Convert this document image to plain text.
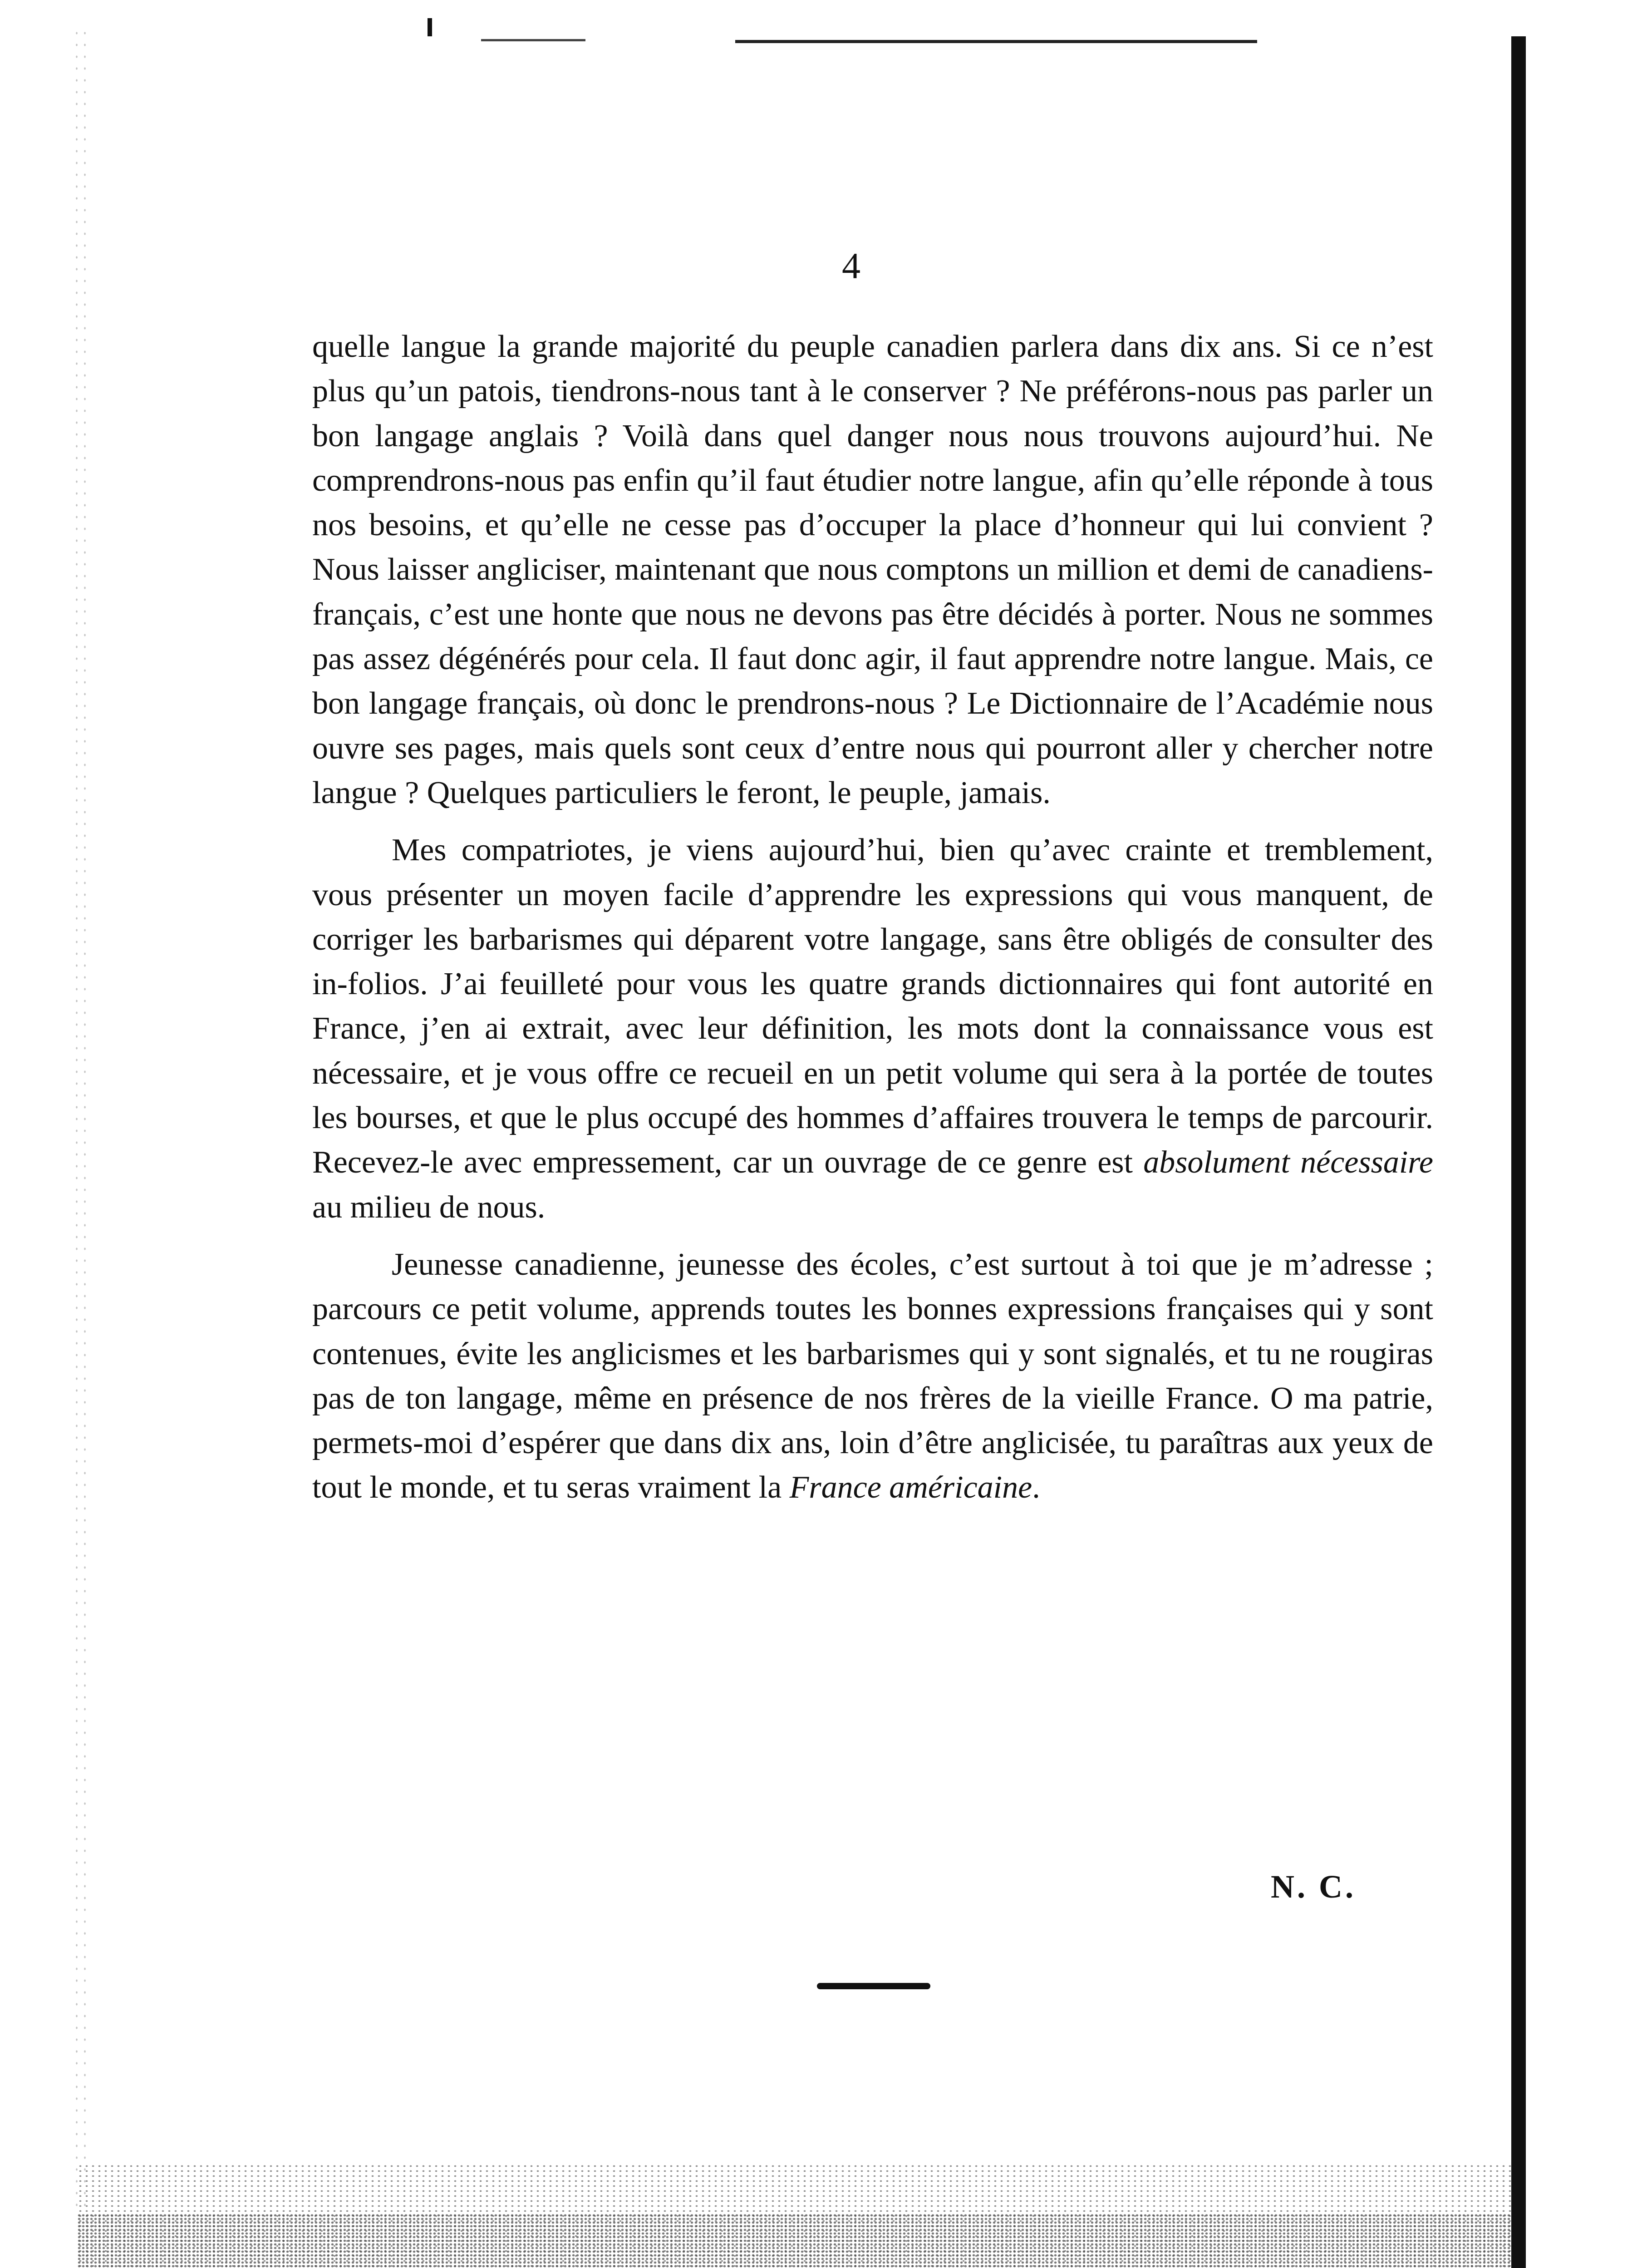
4

quelle langue la grande majorité du peuple canadien parlera dans dix ans. Si ce n’est plus qu’un patois, tiendrons-nous tant à le conserver ? Ne préférons-nous pas parler un bon langage anglais ? Voilà dans quel danger nous nous trouvons aujourd’hui. Ne comprendrons-nous pas enfin qu’il faut étudier notre langue, afin qu’elle réponde à tous nos besoins, et qu’elle ne cesse pas d’occuper la place d’honneur qui lui convient ? Nous laisser angliciser, maintenant que nous comptons un million et demi de canadiens-français, c’est une honte que nous ne devons pas être décidés à porter. Nous ne sommes pas assez dégénérés pour cela. Il faut donc agir, il faut apprendre notre langue. Mais, ce bon langage français, où donc le prendrons-nous ? Le Dictionnaire de l’Académie nous ouvre ses pages, mais quels sont ceux d’entre nous qui pourront aller y chercher notre langue ? Quelques particuliers le feront, le peuple, jamais.

Mes compatriotes, je viens aujourd’hui, bien qu’avec crainte et tremblement, vous présenter un moyen facile d’apprendre les expressions qui vous manquent, de corriger les barbarismes qui déparent votre langage, sans être obligés de consulter des in-folios. J’ai feuilleté pour vous les quatre grands dictionnaires qui font autorité en France, j’en ai extrait, avec leur définition, les mots dont la connaissance vous est nécessaire, et je vous offre ce recueil en un petit volume qui sera à la portée de toutes les bourses, et que le plus occupé des hommes d’affaires trouvera le temps de parcourir. Recevez-le avec empressement, car un ouvrage de ce genre est absolument nécessaire au milieu de nous.

Jeunesse canadienne, jeunesse des écoles, c’est surtout à toi que je m’adresse ; parcours ce petit volume, apprends toutes les bonnes expressions françaises qui y sont contenues, évite les anglicismes et les barbarismes qui y sont signalés, et tu ne rougiras pas de ton langage, même en présence de nos frères de la vieille France. O ma patrie, permets-moi d’espérer que dans dix ans, loin d’être anglicisée, tu paraîtras aux yeux de tout le monde, et tu seras vraiment la France américaine.

N. C.
